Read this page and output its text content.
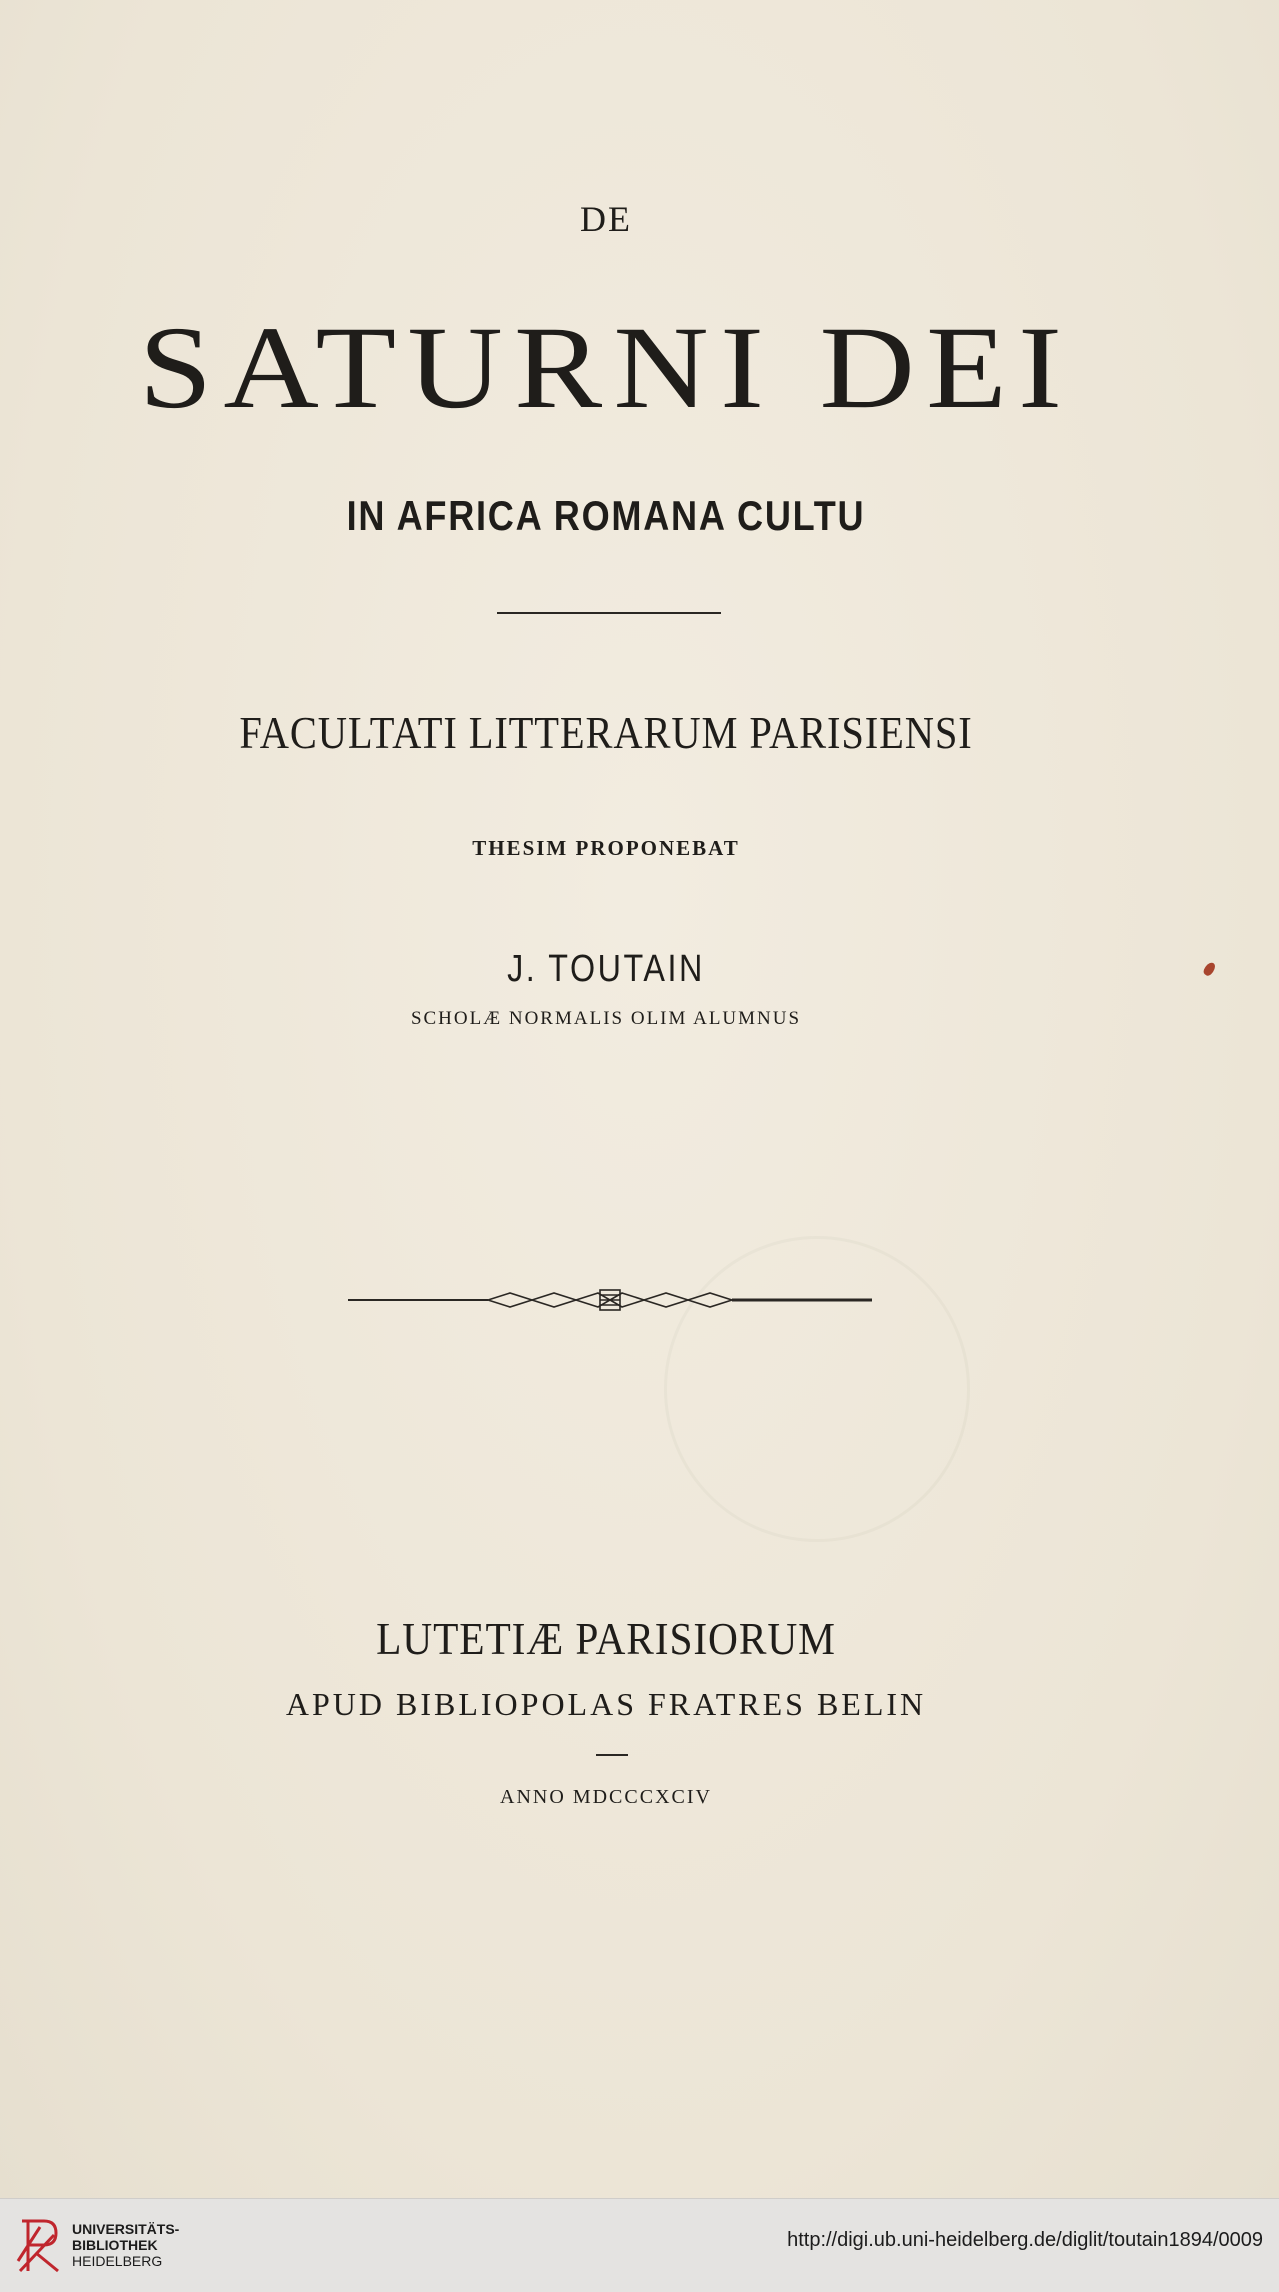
DE
SATURNI DEI
IN AFRICA ROMANA CULTU
FACULTATI LITTERARUM PARISIENSI
THESIM PROPONEBAT
J. TOUTAIN
SCHOLÆ NORMALIS OLIM ALUMNUS
LUTETIÆ PARISIORUM
APUD BIBLIOPOLAS FRATRES BELIN
ANNO MDCCCXCIV
UNIVERSITÄTS-
BIBLIOTHEK
HEIDELBERG
http://digi.ub.uni-heidelberg.de/diglit/toutain1894/0009
